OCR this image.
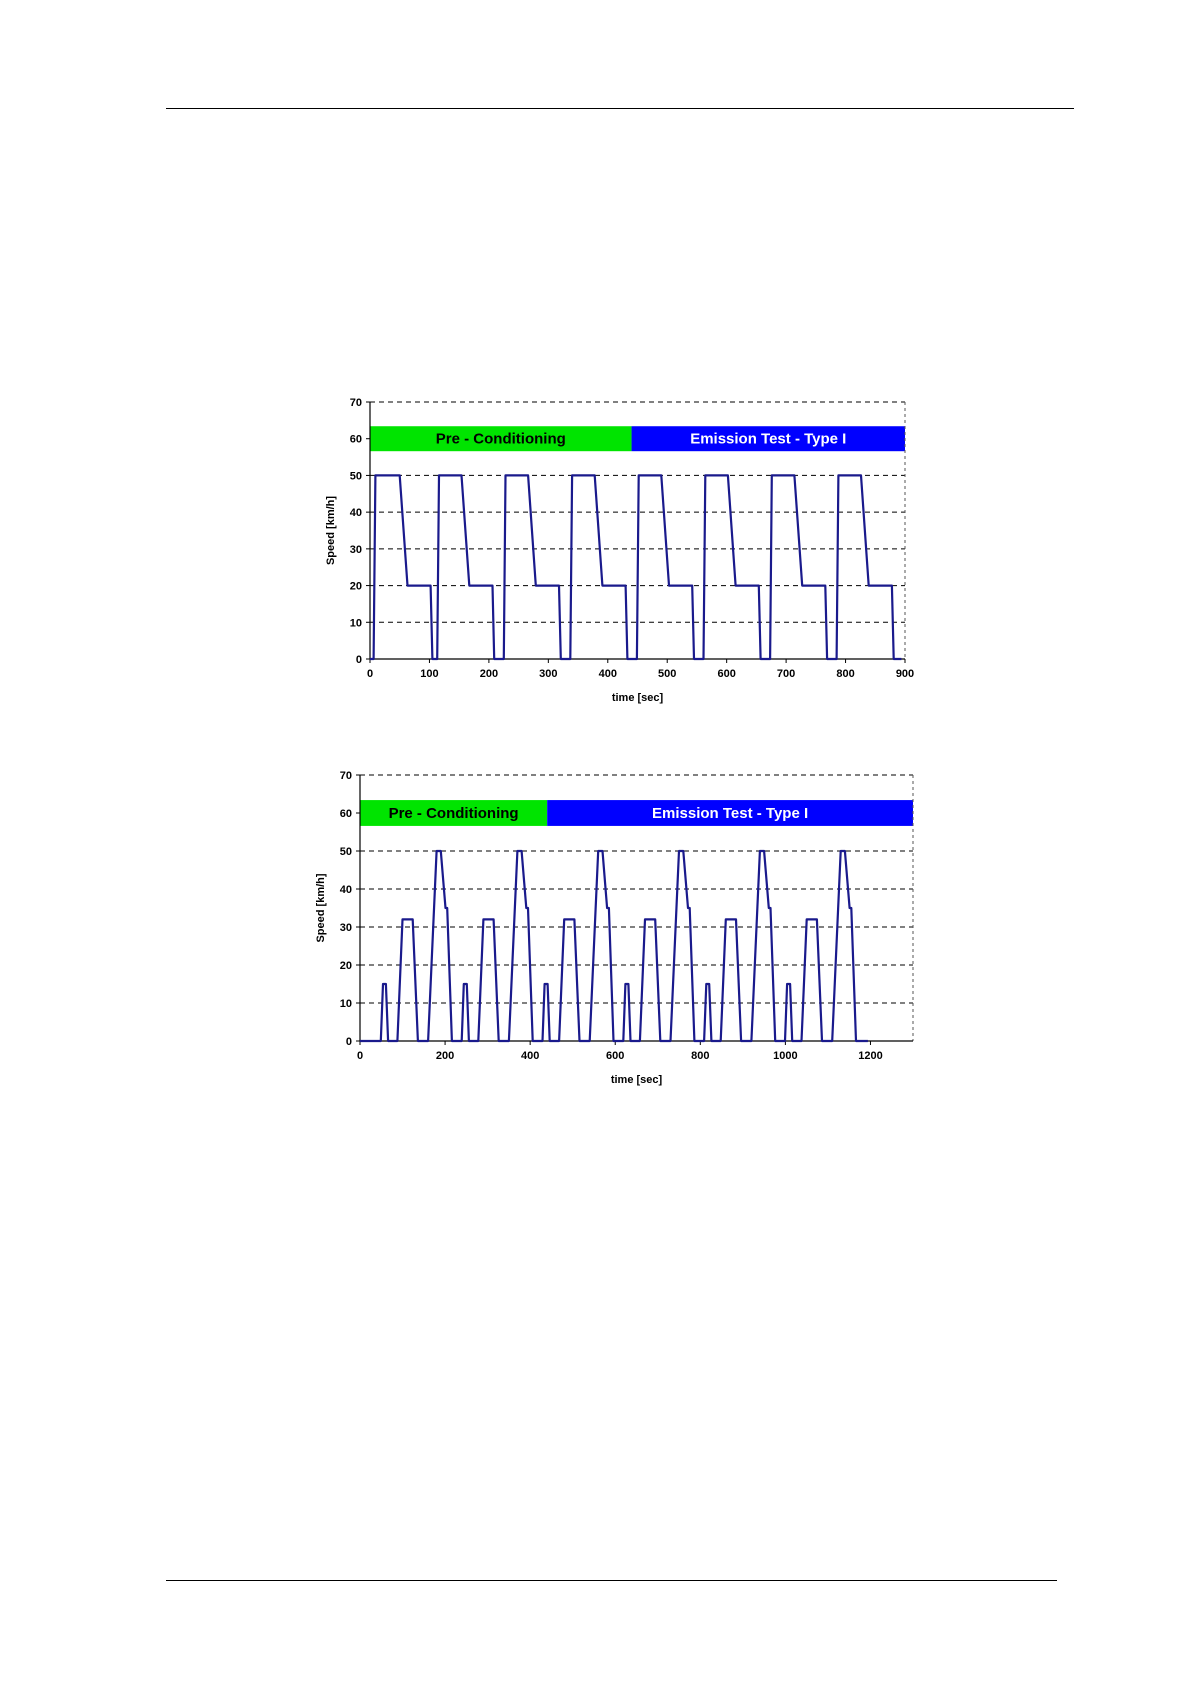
Pre - Conditioning	Emission Test - Type I
0
10
20
30
40
50
60
70
0	100	200	300	400	500	600	700	800	900
time [sec]
Speed [km/h]
Pre - Conditioning	Emission Test - Type I
0
10
20
30
40
50
60
70
0	200	400	600	800	1000	1200
time [sec]
Speed [km/h]
